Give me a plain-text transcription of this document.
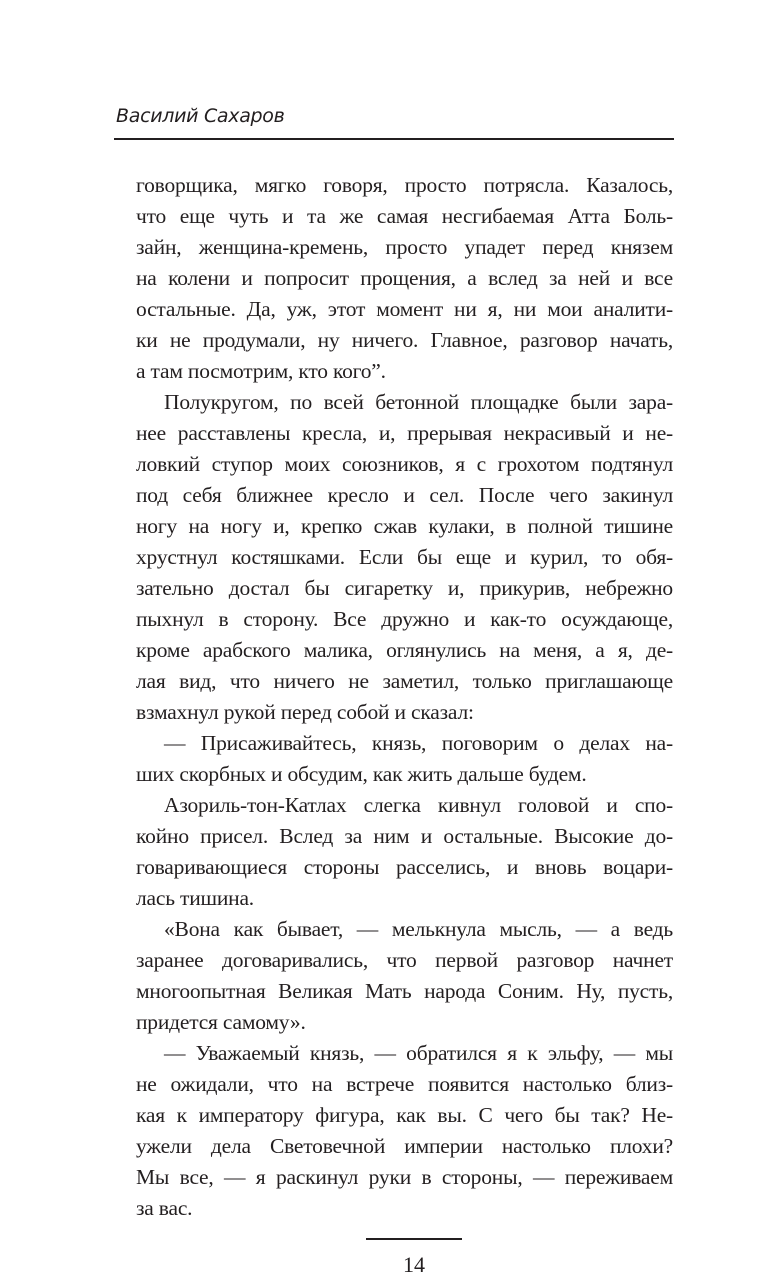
Василий Сахаров
говорщика, мягко говоря, просто потрясла. Казалось,
что еще чуть и та же самая несгибаемая Атта Боль-
зайн, женщина-кремень, просто упадет перед князем
на колени и попросит прощения, а вслед за ней и все
остальные. Да, уж, этот момент ни я, ни мои аналити-
ки не продумали, ну ничего. Главное, разговор начать,
а там посмотрим, кто кого”.
Полукругом, по всей бетонной площадке были зара-
нее расставлены кресла, и, прерывая некрасивый и не-
ловкий ступор моих союзников, я с грохотом подтянул
под себя ближнее кресло и сел. После чего закинул
ногу на ногу и, крепко сжав кулаки, в полной тишине
хрустнул костяшками. Если бы еще и курил, то обя-
зательно достал бы сигаретку и, прикурив, небрежно
пыхнул в сторону. Все дружно и как-то осуждающе,
кроме арабского малика, оглянулись на меня, а я, де-
лая вид, что ничего не заметил, только приглашающе
взмахнул рукой перед собой и сказал:
— Присаживайтесь, князь, поговорим о делах на-
ших скорбных и обсудим, как жить дальше будем.
Азориль-тон-Катлах слегка кивнул головой и спо-
койно присел. Вслед за ним и остальные. Высокие до-
говаривающиеся стороны расселись, и вновь воцари-
лась тишина.
«Вона как бывает, — мелькнула мысль, — а ведь
заранее договаривались, что первой разговор начнет
многоопытная Великая Мать народа Соним. Ну, пусть,
придется самому».
— Уважаемый князь, — обратился я к эльфу, — мы
не ожидали, что на встрече появится настолько близ-
кая к императору фигура, как вы. С чего бы так? Не-
ужели дела Световечной империи настолько плохи?
Мы все, — я раскинул руки в стороны, — переживаем
за вас.
14
